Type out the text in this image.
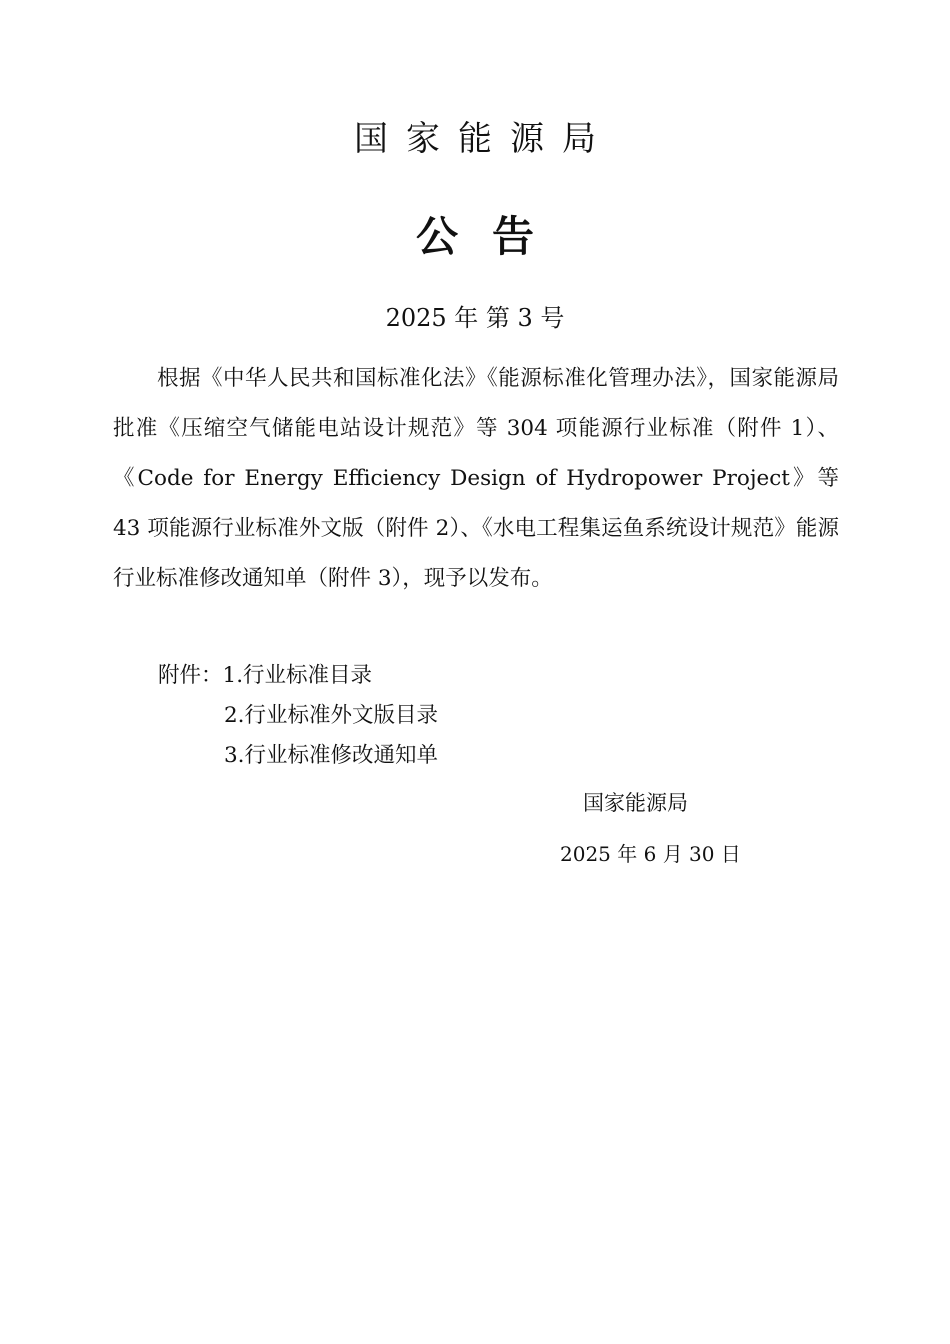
国家能源局
公告
2025 年 第 3 号
根据《中华人民共和国标准化法》《能源标准化管理办法》，国家能源局批准《压缩空气储能电站设计规范》等 304 项能源行业标准（附件 1）、《Code for Energy Efficiency Design of Hydropower Project》等 43 项能源行业标准外文版（附件 2）、《水电工程集运鱼系统设计规范》能源行业标准修改通知单（附件 3），现予以发布。
附件：1.行业标准目录
2.行业标准外文版目录
3.行业标准修改通知单
国家能源局
2025 年 6 月 30 日
